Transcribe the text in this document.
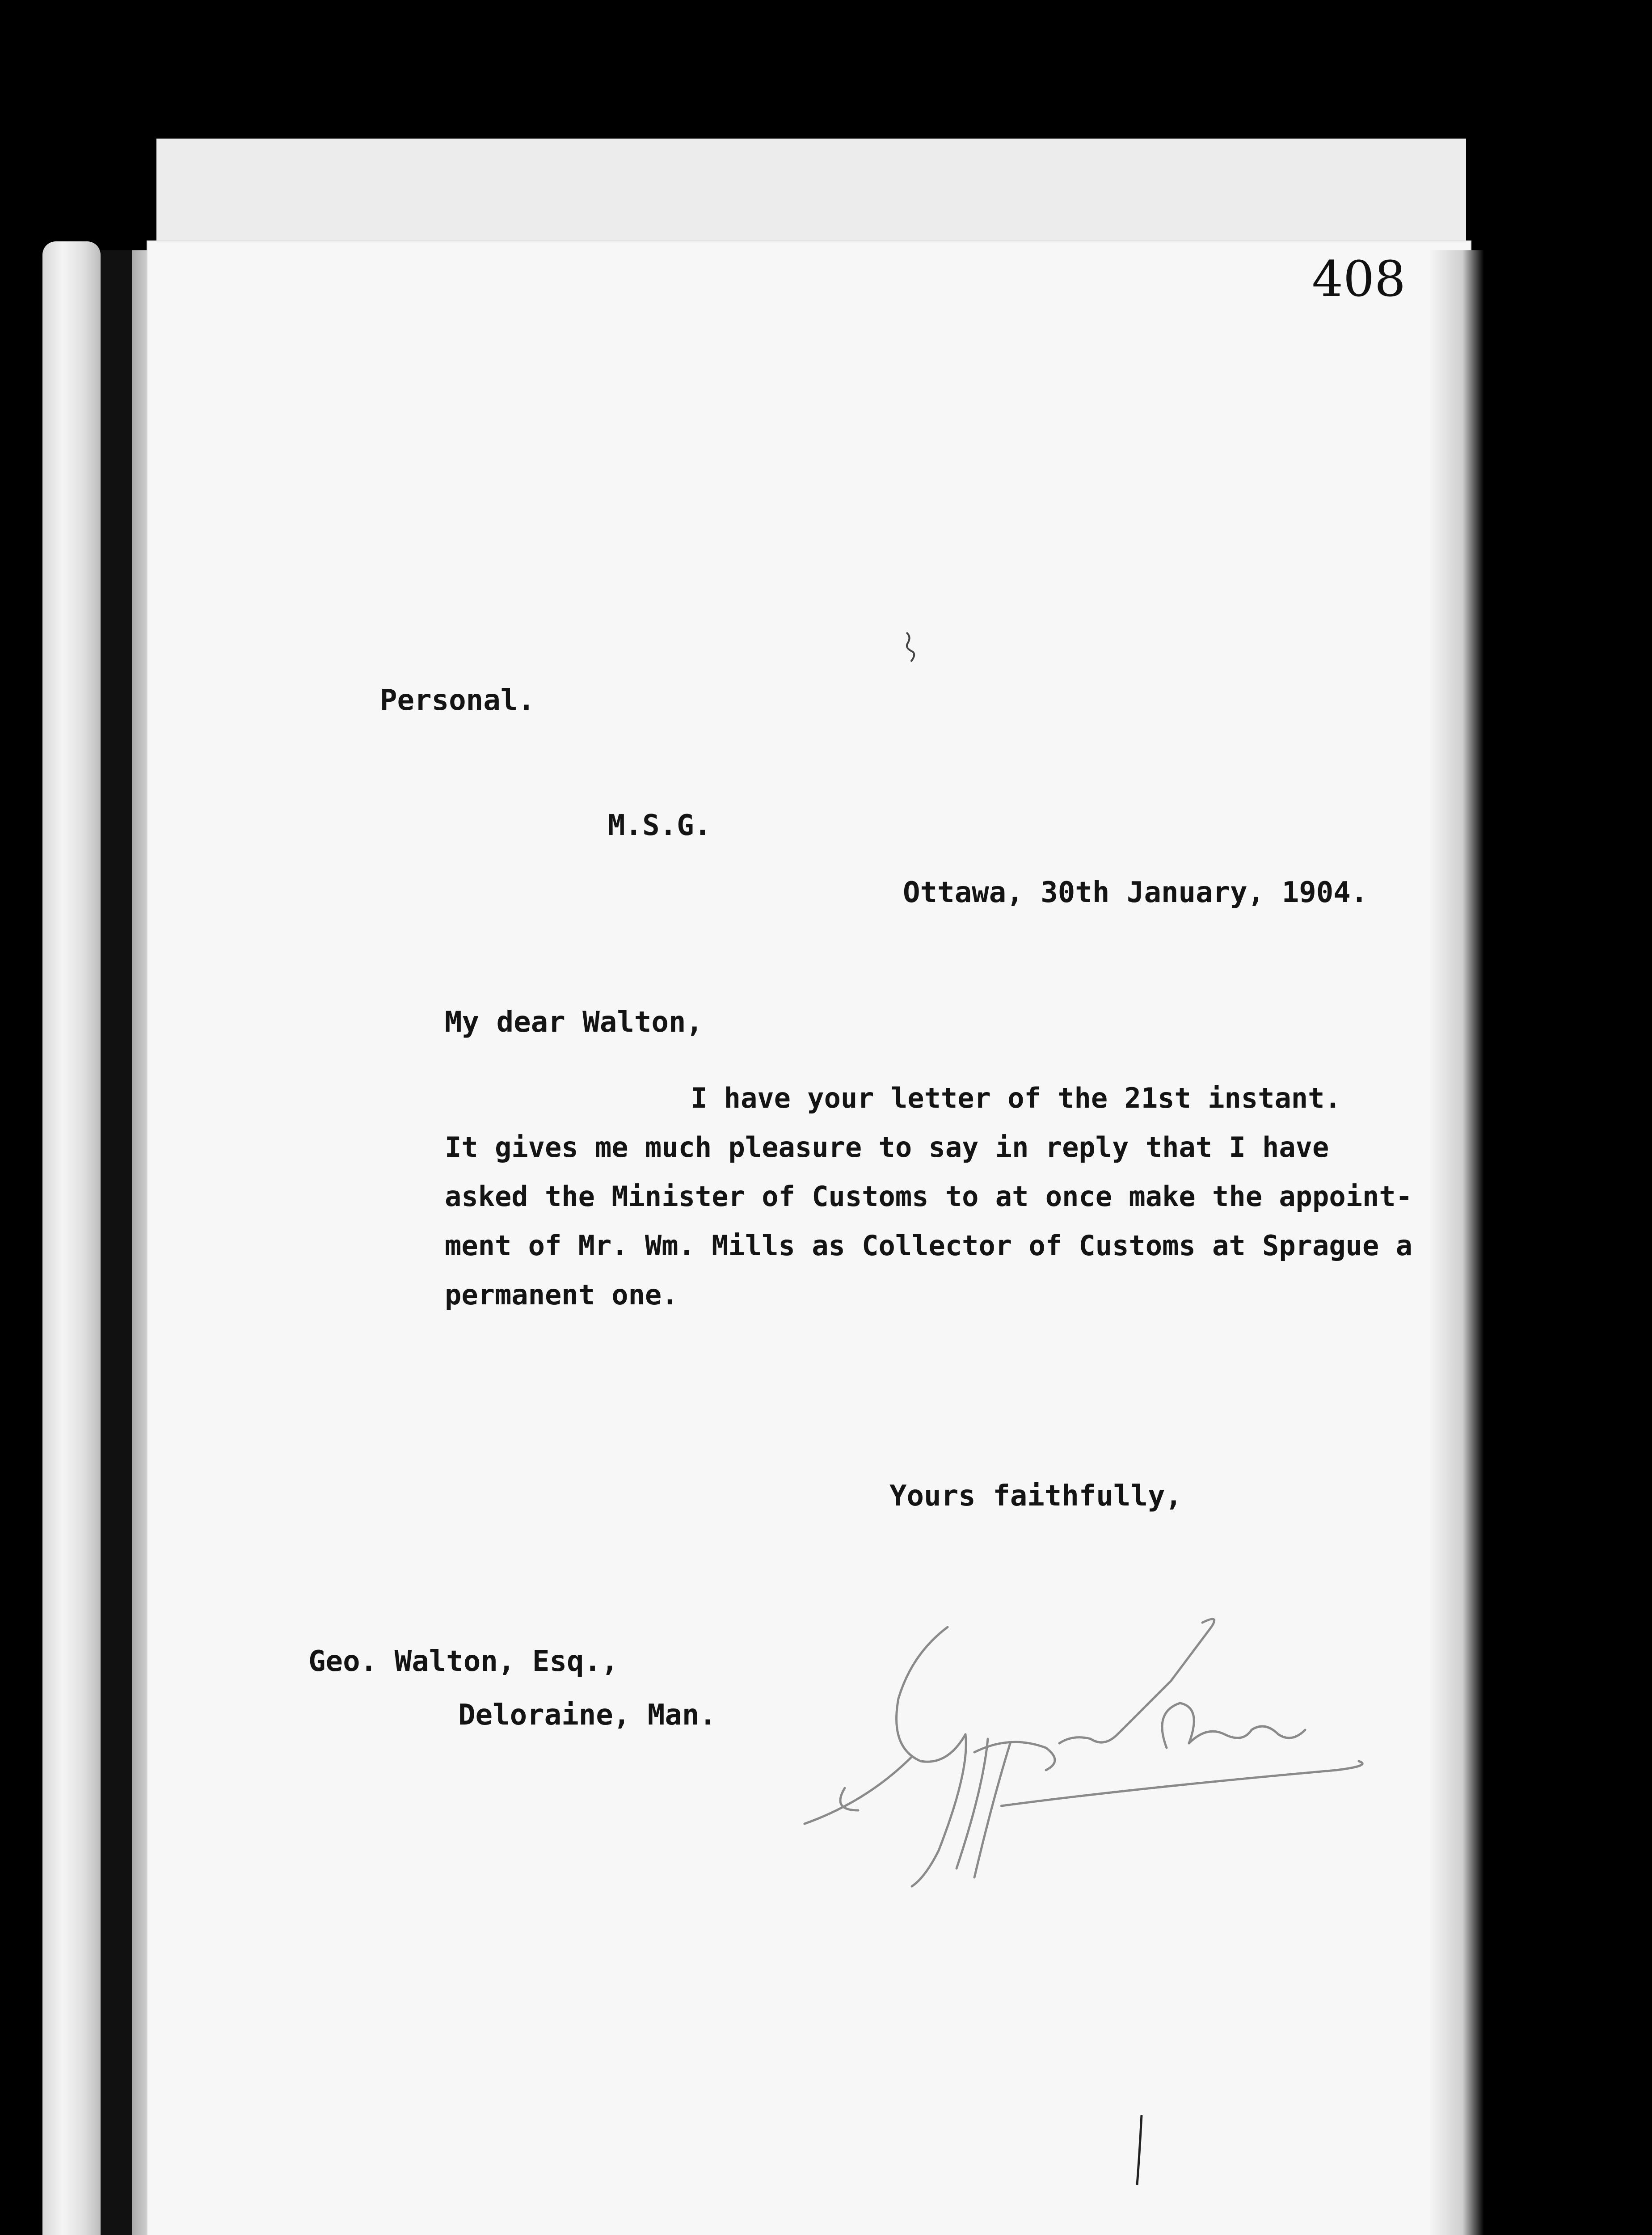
408
Personal.
M.S.G.
Ottawa, 30th January, 1904.
My dear Walton,
I have your letter of the 21st instant.
It gives me much pleasure to say in reply that I have
asked the Minister of Customs to at once make the appoint-
ment of Mr. Wm. Mills as Collector of Customs at Sprague a
permanent one.
Yours faithfully,
Geo. Walton, Esq.,
Deloraine, Man.
